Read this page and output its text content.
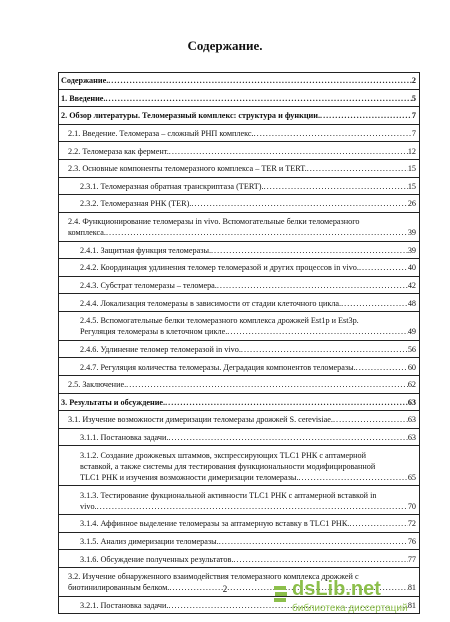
Содержание.
Содержание. .....	2
1. Введение. .....	5
2. Обзор литературы. Теломеразный комплекс: структура и функции. .....	7
2.1. Введение. Теломераза – сложный РНП комплекс. .....	7
2.2. Теломераза как фермент. .....	12
2.3. Основные компоненты теломеразного комплекса – TER и TERT. .....	15
2.3.1. Теломеразная обратная транскриптаза (TERT). .....	15
2.3.2. Теломеразная РНК (TER). .....	26
2.4. Функционирование теломеразы in vivo. Вспомогательные белки теломеразного
комплекса. .....	39
2.4.1. Защитная функция теломеразы. .....	39
2.4.2. Координация удлинения теломер теломеразой и других процессов in vivo. .....	40
2.4.3. Субстрат теломеразы – теломера. .....	42
2.4.4. Локализация теломеразы в зависимости от стадии клеточного цикла. .....	48
2.4.5. Вспомогательные белки теломеразного комплекса дрожжей Est1p и Est3p.
Регуляция теломеразы в клеточном цикле. .....	49
2.4.6. Удлинение теломер теломеразой in vivo. .....	56
2.4.7. Регуляция количества теломеразы. Деградация компонентов теломеразы. .....	60
2.5. Заключение. .....	62
3. Результаты и обсуждение. .....	63
3.1. Изучение возможности димеризации теломеразы дрожжей S. cerevisiae. .....	63
3.1.1. Постановка задачи. .....	63
3.1.2. Создание дрожжевых штаммов, экспрессирующих TLC1 РНК с аптамерной
вставкой, а также системы для тестирования функциональности модифицированной
TLC1 РНК и изучения возможности димеризации теломеразы. .....	65
3.1.3. Тестирование фукциональной активности TLC1 РНК с аптамерной вставкой in
vivo. .....	70
3.1.4. Аффинное выделение теломеразы за аптамерную вставку в TLC1 РНК. .....	72
3.1.5. Анализ димеризации теломеразы. .....	76
3.1.6. Обсуждение полученных результатов. .....	77
3.2. Изучение обнаруженного взаимодействия теломеразного комплекса дрожжей с
биотинилированным белком. .....	81
3.2.1. Постановка задачи. .....	81
2	dsLib.net
библиотека диссертаций
